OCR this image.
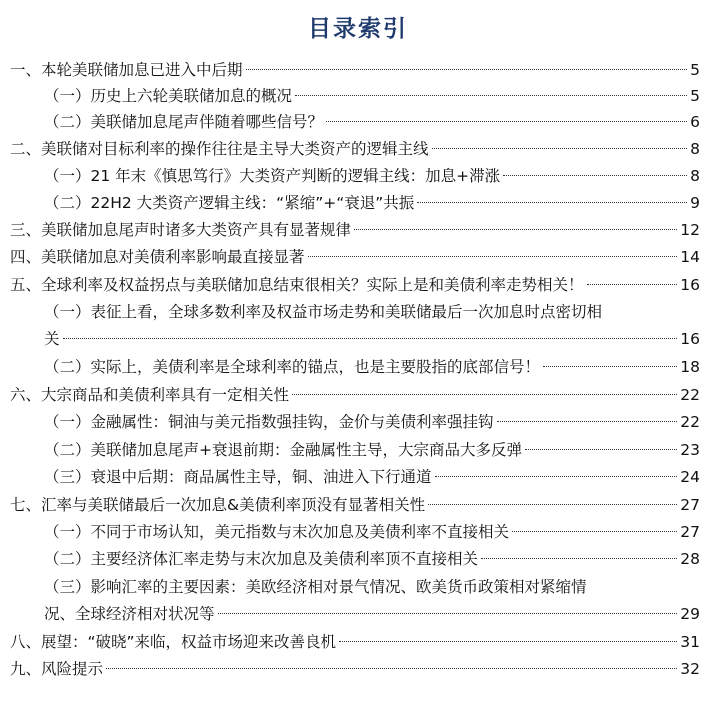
目录索引
一、本轮美联储加息已进入中后期	5
（一）历史上六轮美联储加息的概况	5
（二）美联储加息尾声伴随着哪些信号？	6
二、美联储对目标利率的操作往往是主导大类资产的逻辑主线	8
（一）21 年末《慎思笃行》大类资产判断的逻辑主线：加息+滞涨	8
（二）22H2 大类资产逻辑主线：“紧缩”+“衰退”共振	9
三、美联储加息尾声时诸多大类资产具有显著规律	12
四、美联储加息对美债利率影响最直接显著	14
五、全球利率及权益拐点与美联储加息结束很相关？实际上是和美债利率走势相关！	16
（一）表征上看，全球多数利率及权益市场走势和美联储最后一次加息时点密切相
关	16
（二）实际上，美债利率是全球利率的锚点，也是主要股指的底部信号！	18
六、大宗商品和美债利率具有一定相关性	22
（一）金融属性：铜油与美元指数强挂钩，金价与美债利率强挂钩	22
（二）美联储加息尾声+衰退前期：金融属性主导，大宗商品大多反弹	23
（三）衰退中后期：商品属性主导，铜、油进入下行通道	24
七、汇率与美联储最后一次加息&美债利率顶没有显著相关性	27
（一）不同于市场认知，美元指数与末次加息及美债利率不直接相关	27
（二）主要经济体汇率走势与末次加息及美债利率顶不直接相关	28
（三）影响汇率的主要因素：美欧经济相对景气情况、欧美货币政策相对紧缩情
况、全球经济相对状况等	29
八、展望：“破晓”来临，权益市场迎来改善良机	31
九、风险提示	32
